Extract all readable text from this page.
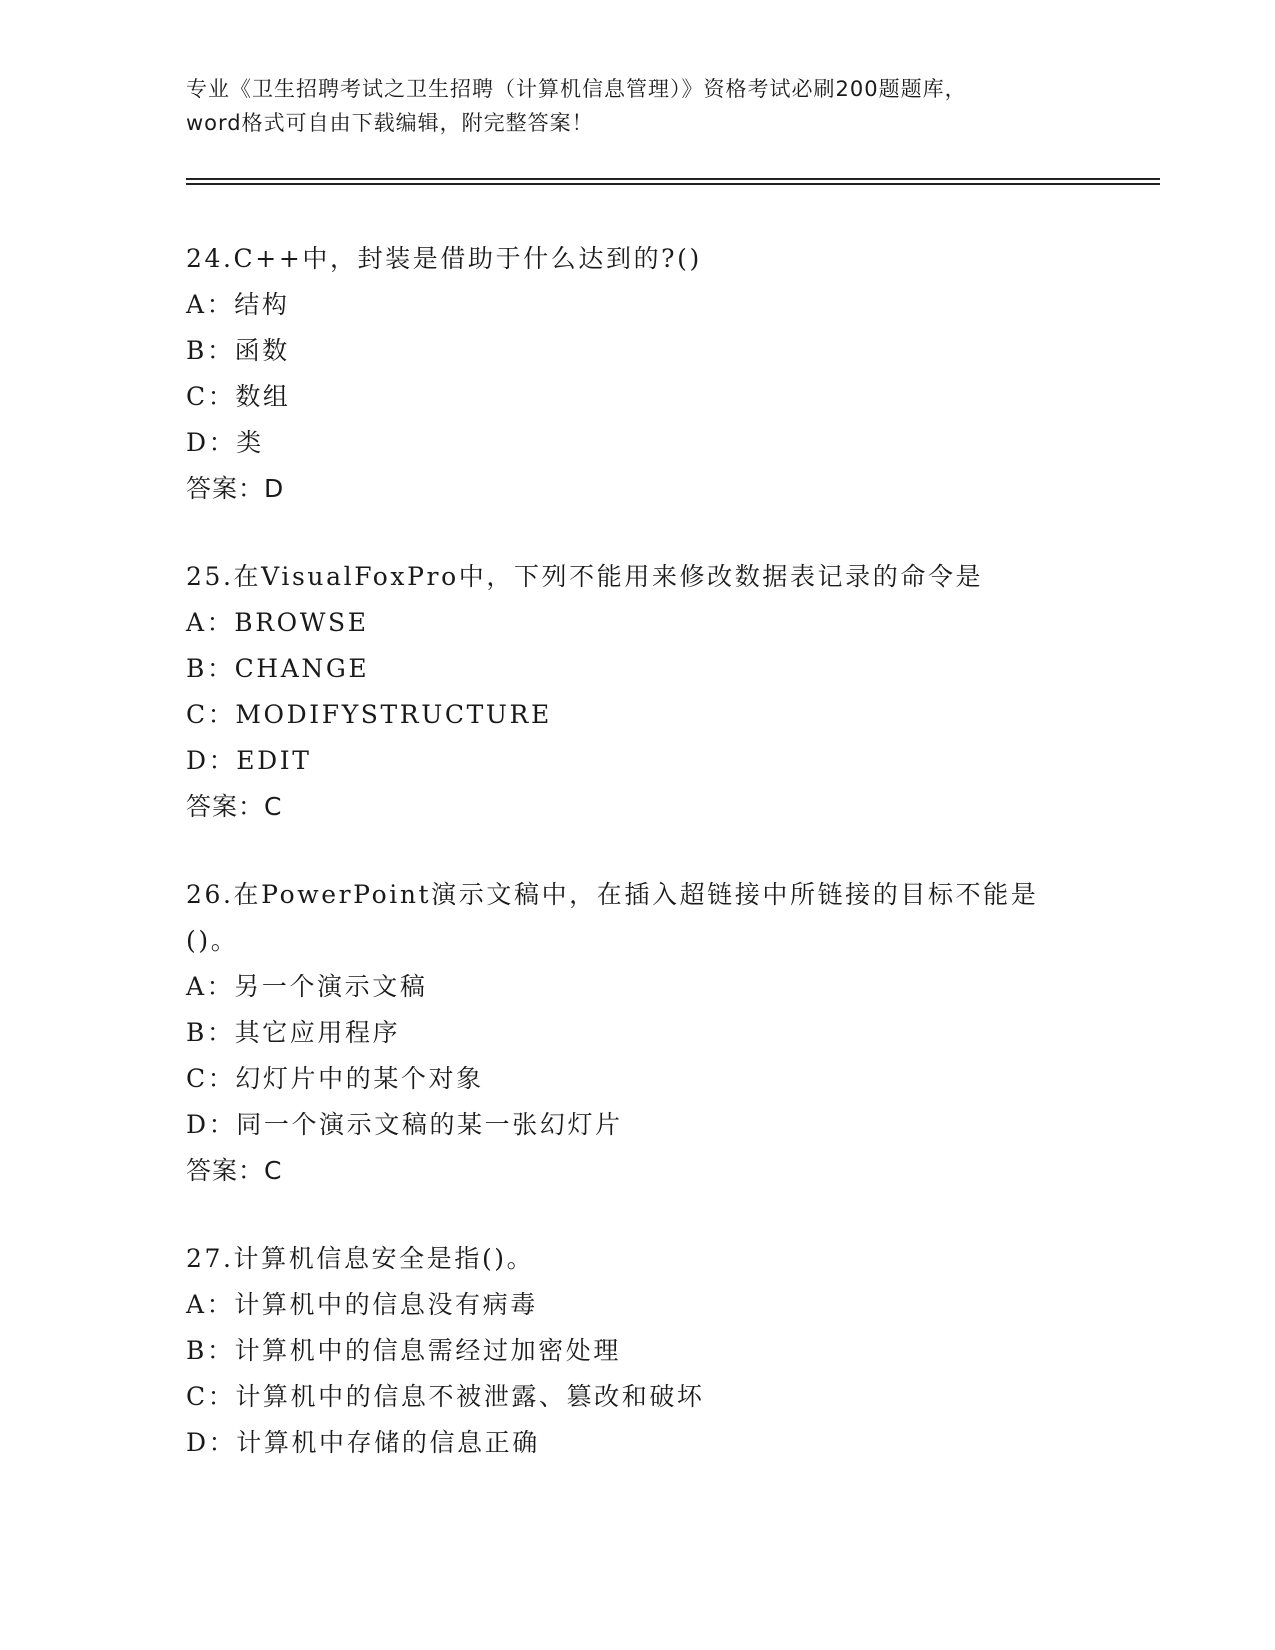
专业《卫生招聘考试之卫生招聘（计算机信息管理）》资格考试必刷200题题库，
word格式可自由下载编辑，附完整答案！
24.C++中，封装是借助于什么达到的?()
A：结构
B：函数
C：数组
D：类
答案：D
25.在VisualFoxPro中，下列不能用来修改数据表记录的命令是
A：BROWSE
B：CHANGE
C：MODIFYSTRUCTURE
D：EDIT
答案：C
26.在PowerPoint演示文稿中，在插入超链接中所链接的目标不能是()。
A：另一个演示文稿
B：其它应用程序
C：幻灯片中的某个对象
D：同一个演示文稿的某一张幻灯片
答案：C
27.计算机信息安全是指()。
A：计算机中的信息没有病毒
B：计算机中的信息需经过加密处理
C：计算机中的信息不被泄露、篡改和破坏
D：计算机中存储的信息正确
